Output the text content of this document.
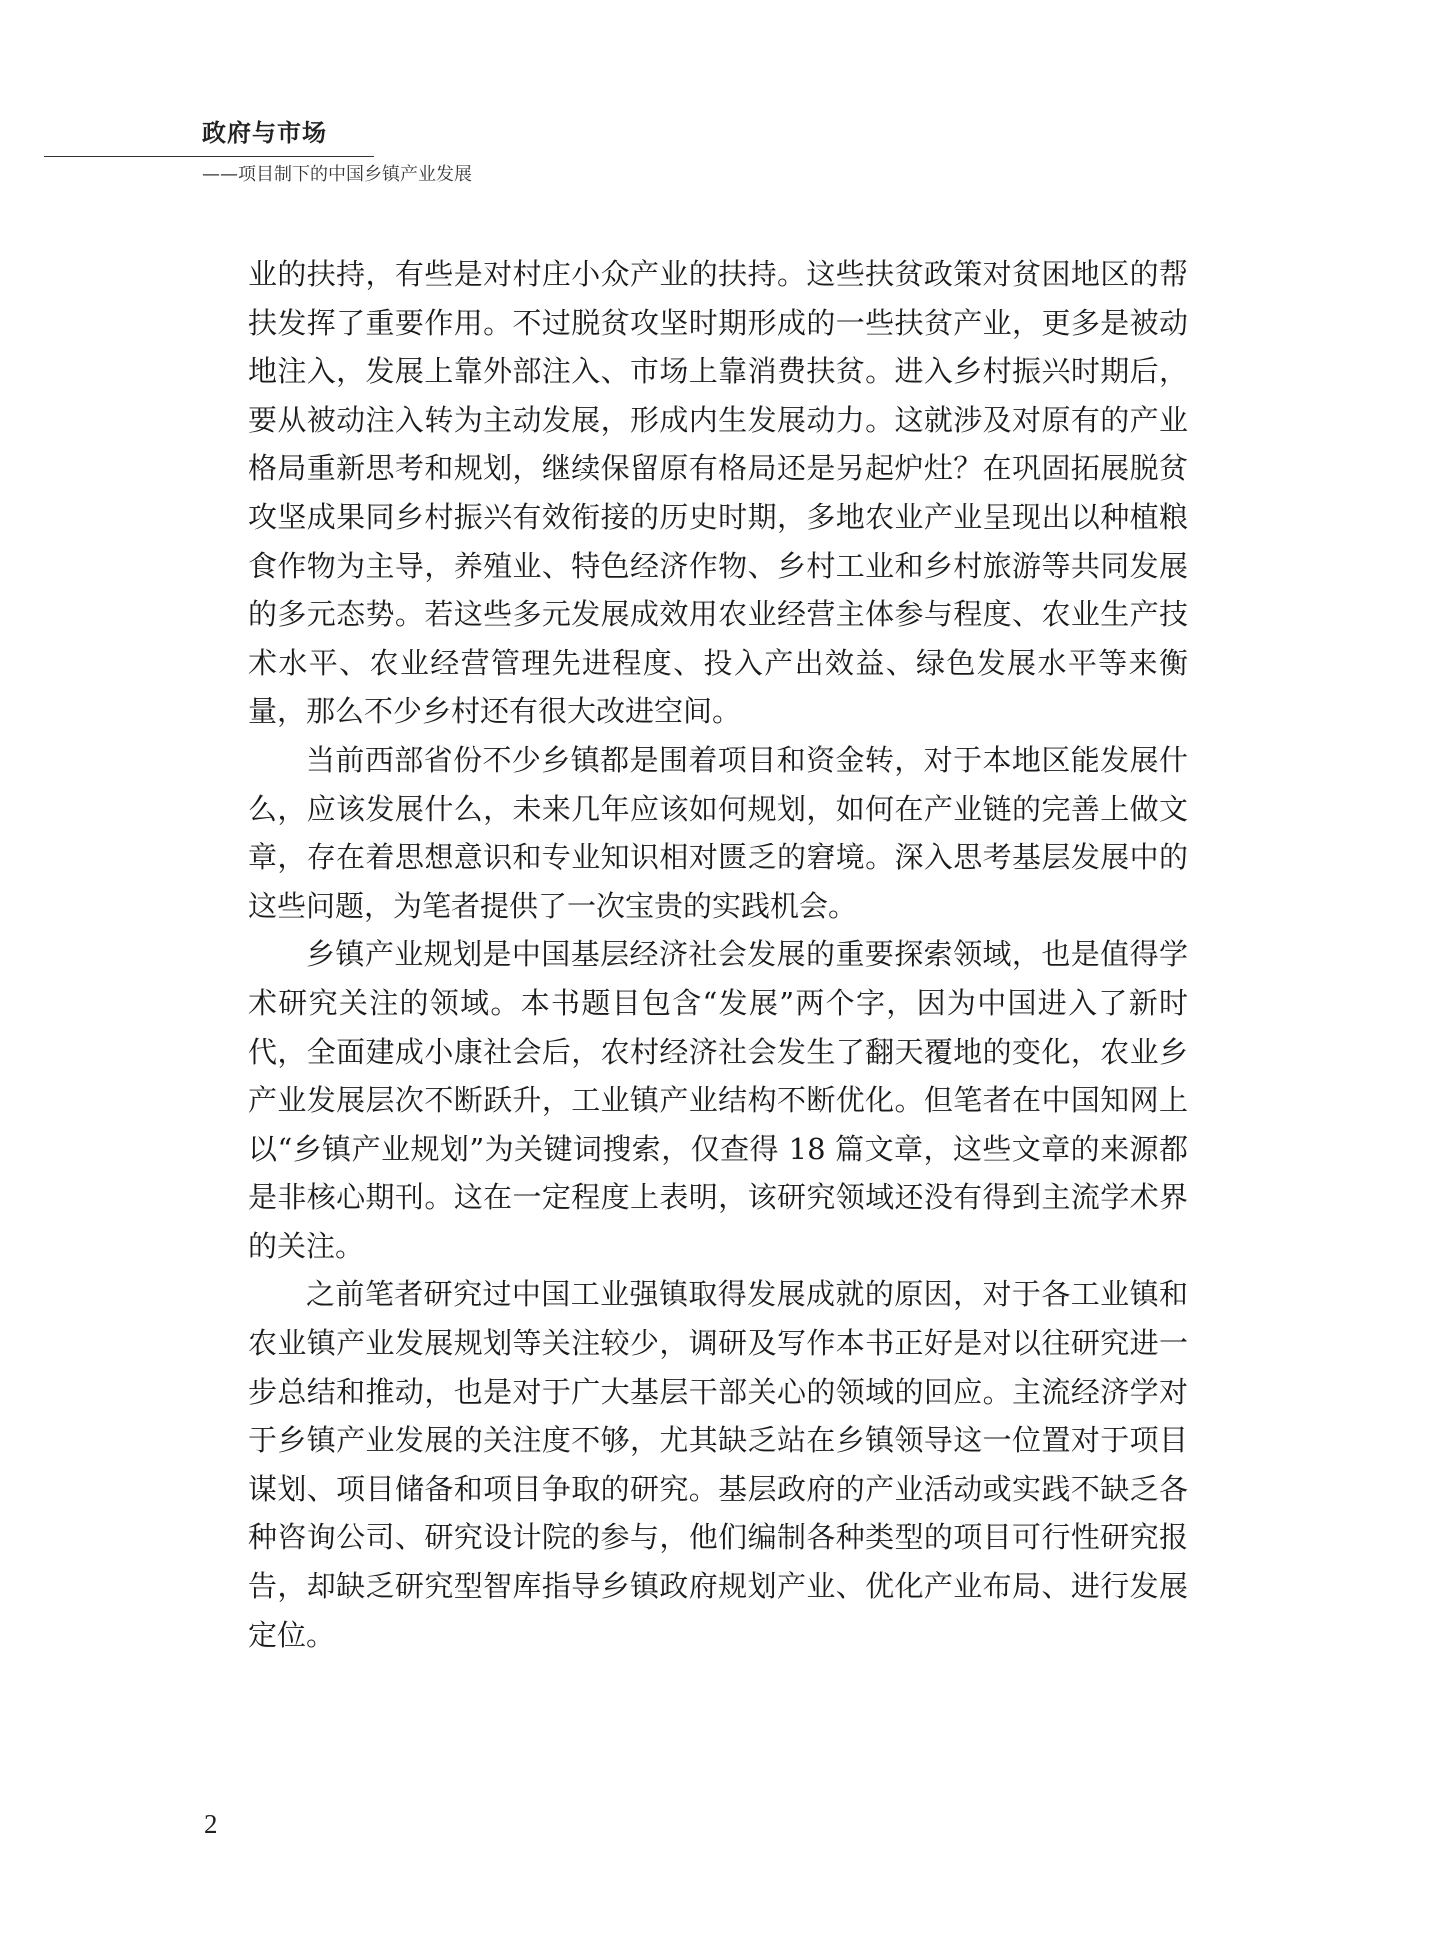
政府与市场
——项目制下的中国乡镇产业发展

业的扶持，有些是对村庄小众产业的扶持。这些扶贫政策对贫困地区的帮扶发挥了重要作用。不过脱贫攻坚时期形成的一些扶贫产业，更多是被动地注入，发展上靠外部注入、市场上靠消费扶贫。进入乡村振兴时期后，要从被动注入转为主动发展，形成内生发展动力。这就涉及对原有的产业格局重新思考和规划，继续保留原有格局还是另起炉灶？在巩固拓展脱贫攻坚成果同乡村振兴有效衔接的历史时期，多地农业产业呈现出以种植粮食作物为主导，养殖业、特色经济作物、乡村工业和乡村旅游等共同发展的多元态势。若这些多元发展成效用农业经营主体参与程度、农业生产技术水平、农业经营管理先进程度、投入产出效益、绿色发展水平等来衡量，那么不少乡村还有很大改进空间。

当前西部省份不少乡镇都是围着项目和资金转，对于本地区能发展什么，应该发展什么，未来几年应该如何规划，如何在产业链的完善上做文章，存在着思想意识和专业知识相对匮乏的窘境。深入思考基层发展中的这些问题，为笔者提供了一次宝贵的实践机会。

乡镇产业规划是中国基层经济社会发展的重要探索领域，也是值得学术研究关注的领域。本书题目包含“发展”两个字，因为中国进入了新时代，全面建成小康社会后，农村经济社会发生了翻天覆地的变化，农业乡产业发展层次不断跃升，工业镇产业结构不断优化。但笔者在中国知网上以“乡镇产业规划”为关键词搜索，仅查得 18 篇文章，这些文章的来源都是非核心期刊。这在一定程度上表明，该研究领域还没有得到主流学术界的关注。

之前笔者研究过中国工业强镇取得发展成就的原因，对于各工业镇和农业镇产业发展规划等关注较少，调研及写作本书正好是对以往研究进一步总结和推动，也是对于广大基层干部关心的领域的回应。主流经济学对于乡镇产业发展的关注度不够，尤其缺乏站在乡镇领导这一位置对于项目谋划、项目储备和项目争取的研究。基层政府的产业活动或实践不缺乏各种咨询公司、研究设计院的参与，他们编制各种类型的项目可行性研究报告，却缺乏研究型智库指导乡镇政府规划产业、优化产业布局、进行发展定位。

2
